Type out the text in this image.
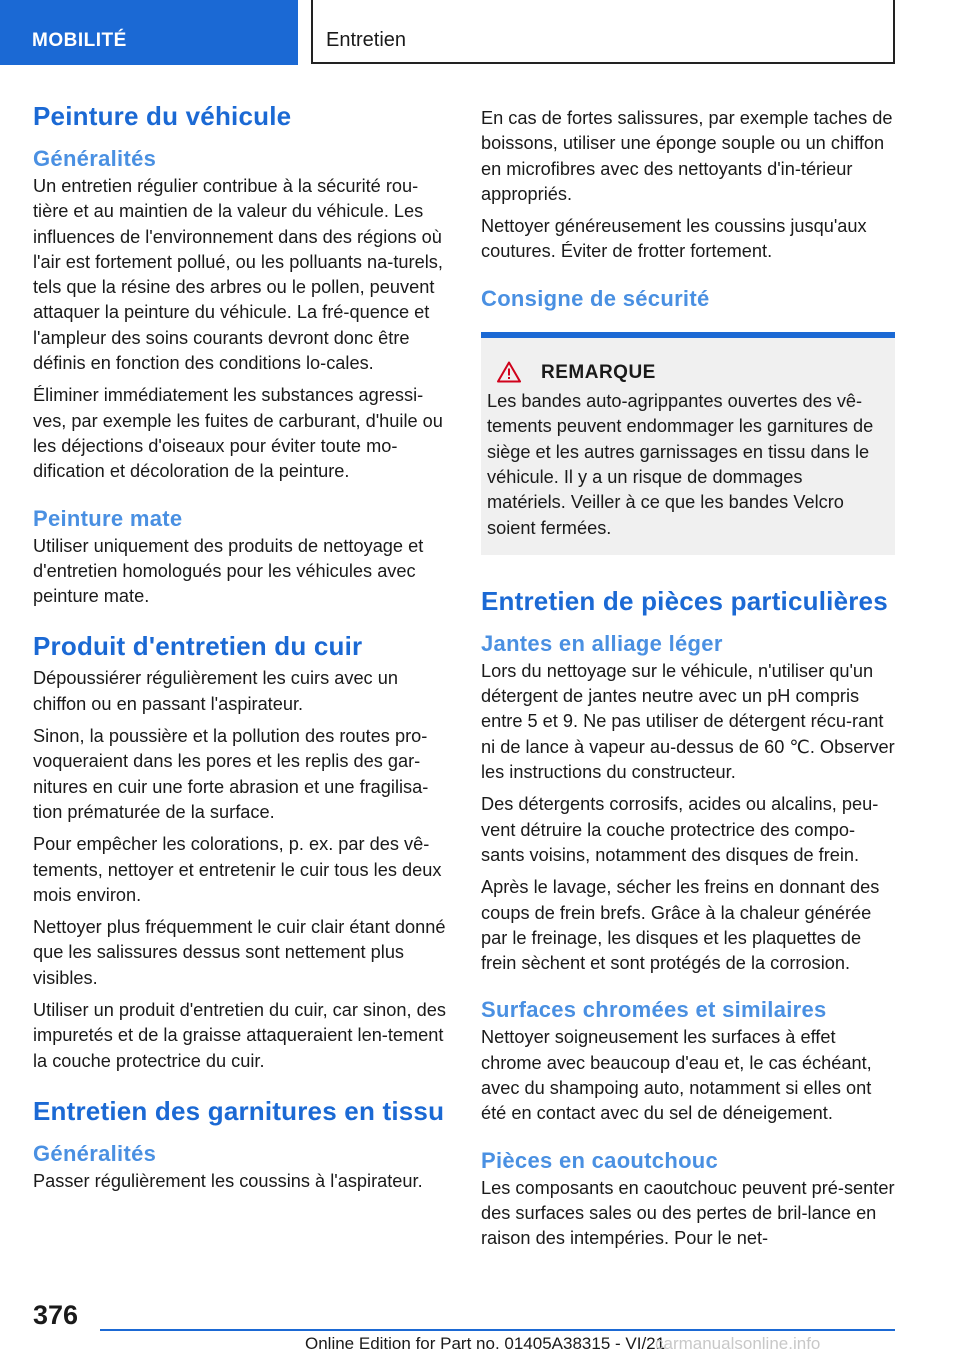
MOBILITÉ	Entretien
Peinture du véhicule
Généralités

Un entretien régulier contribue à la sécurité rou-tière et au maintien de la valeur du véhicule. Les influences de l'environnement dans des régions où l'air est fortement pollué, ou les polluants na-turels, tels que la résine des arbres ou le pollen, peuvent attaquer la peinture du véhicule. La fré-quence et l'ampleur des soins courants devront donc être définis en fonction des conditions lo-cales.

Éliminer immédiatement les substances agressi-ves, par exemple les fuites de carburant, d'huile ou les déjections d'oiseaux pour éviter toute mo-dification et décoloration de la peinture.

Peinture mate

Utiliser uniquement des produits de nettoyage et d'entretien homologués pour les véhicules avec peinture mate.

Produit d'entretien du cuir

Dépoussiérer régulièrement les cuirs avec un chiffon ou en passant l'aspirateur.

Sinon, la poussière et la pollution des routes pro-voqueraient dans les pores et les replis des gar-nitures en cuir une forte abrasion et une fragilisa-tion prématurée de la surface.

Pour empêcher les colorations, p. ex. par des vê-tements, nettoyer et entretenir le cuir tous les deux mois environ.

Nettoyer plus fréquemment le cuir clair étant donné que les salissures dessus sont nettement plus visibles.

Utiliser un produit d'entretien du cuir, car sinon, des impuretés et de la graisse attaqueraient len-tement la couche protectrice du cuir.

Entretien des garnitures en tissu
Généralités

Passer régulièrement les coussins à l'aspirateur.

En cas de fortes salissures, par exemple taches de boissons, utiliser une éponge souple ou un chiffon en microfibres avec des nettoyants d'in-térieur appropriés.

Nettoyer généreusement les coussins jusqu'aux coutures. Éviter de frotter fortement.

Consigne de sécurité
REMARQUE
Les bandes auto-agrippantes ouvertes des vê-tements peuvent endommager les garnitures de siège et les autres garnissages en tissu dans le véhicule. Il y a un risque de dommages matériels. Veiller à ce que les bandes Velcro soient fermées.
Entretien de pièces particulières
Jantes en alliage léger

Lors du nettoyage sur le véhicule, n'utiliser qu'un détergent de jantes neutre avec un pH compris entre 5 et 9. Ne pas utiliser de détergent récu-rant ni de lance à vapeur au-dessus de 60 ℃. Observer les instructions du constructeur.

Des détergents corrosifs, acides ou alcalins, peu-vent détruire la couche protectrice des compo-sants voisins, notamment des disques de frein.

Après le lavage, sécher les freins en donnant des coups de frein brefs. Grâce à la chaleur générée par le freinage, les disques et les plaquettes de frein sèchent et sont protégés de la corrosion.

Surfaces chromées et similaires

Nettoyer soigneusement les surfaces à effet chrome avec beaucoup d'eau et, le cas échéant, avec du shampoing auto, notamment si elles ont été en contact avec du sel de déneigement.

Pièces en caoutchouc

Les composants en caoutchouc peuvent pré-senter des surfaces sales ou des pertes de bril-lance en raison des intempéries. Pour le net-

376
Online Edition for Part no. 01405A38315 - VI/21
carmanualsonline.info
